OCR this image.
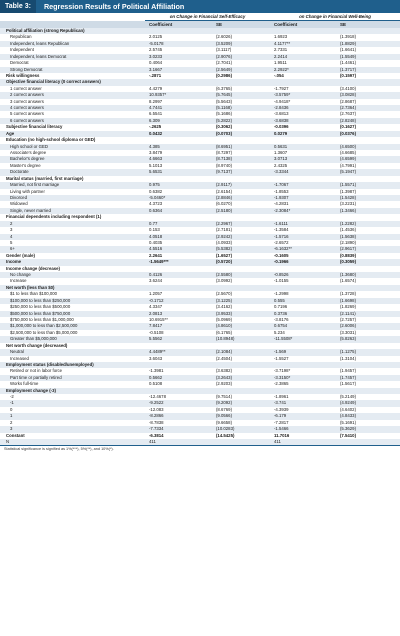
Table 3:	Regression Results of Political Affiliation
	on Change in Financial Self-Efficacy		on Change in Financial Well-Being	
	Coefficient	SE	Coefficient	SE
Political affiliation (strong Republican)				
Republican	2.0125	(2.6026)	1.6923	(1.3918)
Independent, leans Republican	-5.0178	(3.5209)	4.1177**	(1.8829)
Independent	2.5745	(3.1117)	2.7331	(1.6641)
Independent, leans Democrat	3.0233	(2.9076)	2.2414	(1.5549)
Democrat	0.4064	(2.7041)	1.9511	(1.4461)
Strong Democrat	3.1667	(2.5649)	2.2922*	(1.3717)
Risk willingness	-.2871	(0.2986)	-.054	(0.1597)
Objective financial literacy (0 correct answers)				
1 correct answer	4.4279	(6.3765)	-1.7927	(3.4100)
2 correct answers	10.9357*	(5.7645)	-3.5759*	(3.0828)
3 correct answers	8.2997	(5.5643)	-4.9418*	(2.8687)
4 correct answers	4.7441	(5.1168)	-2.8436	(2.7364)
5 correct answers	6.5541	(5.1686)	-3.6813	(2.7637)
6 correct answers	6.309	(5.2822)	-3.6838	(2.8248)
Subjective financial literacy	-.2625	(0.3062)	-0.0396	(0.1627)
Age	0.0432	(0.0703)	0.0279	(0.0376)
Education (no high-school diploma or GED)				
High school or GED	4.385	(8.6951)	0.5631	(4.6500)
Associate's degree	3.8479	(8.7297)	1.3607	(4.6685)
Bachelor's degree	4.6663	(8.7138)	3.0713	(4.6599)
Master's degree	5.1013	(8.9740)	2.4325	(4.7991)
Doctorate	5.6531	(9.7137)	-3.3344	(5.1947)
Marital status (married, first marriage)				
Married, not first marriage	0.975	(2.9117)	-1.7067	(1.5571)
Living with partner	0.6382	(2.6154)	-1.8553	(1.3987)
Divorced	-5.0460*	(2.8846)	-1.9307	(1.5428)
Widowed	4.3723	(6.0270)	-4.2831	(3.2231)
Single, never married	0.6364	(2.5180)	-2.3084*	(1.3466)
Financial dependents including respondent (1)				
2	0.77	(2.2967)	-1.6111	(1.2282)
3	0.153	(2.7181)	-1.3584	(1.4536)
4	4.0518	(2.9242)	-1.5716	(1.5638)
5	0.4035	(4.0933)	-2.6572	(2.1890)
6+	4.5516	(5.5382)	-6.1632**	(2.9617)
Gender (male)	2.2641	(1.6527)	-0.1605	(0.8839)
Income	-1.5649***	(0.5720)	-0.1966	(0.3059)
Income change (decrease)				
No change	0.4126	(2.5580)	-0.8526	(1.3680)
Increase	3.6244	(3.0992)	-1.0155	(1.6574)
Net worth (less than $0)				
$1 to less than $100,000	1.2057	(2.5670)	-1.2998	(1.3728)
$100,000 to less than $250,000	-0.1712	(3.1225)	0.555	(1.6698)
$250,000 to less than $500,000	4.3347	(3.4162)	0.7196	(1.8269)
$500,000 to less than $750,000	2.0813	(3.9533)	0.3736	(2.1141)
$750,000 to less than $1,000,000	10.6915**	(5.0969)	-3.8176	(2.7257)
$1,000,000 to less than $2,500,000	7.8417	(4.8610)	0.6754	(2.6006)
$2,500,000 to less than $5,000,000	-0.5108	(6.1765)	5.234	(3.3031)
Greater than $5,000,000	5.5562	(10.8948)	-11.5508*	(5.8263)
Net worth change (decreased)				
Neutral	4.4489**	(2.1084)	-1.569	(1.1275)
Increased	3.6043	(2.4504)	-1.5527	(1.3104)
Employment status (disabled/unemployed)				
Retired or not in labor force	-1.3981	(3.6382)	-3.7198*	(1.9457)
Part time or partially retired	0.5662	(3.2643)	-3.3150*	(1.7457)
Works full-time	0.5108	(2.9203)	-2.3865	(1.5617)
Employment change (-3)				
-2	-12.4678	(9.7514)	-1.8961	(5.2149)
-1	-9.2522	(9.2092)	-3.741	(4.9249)
0	-12.083	(8.6769)	-4.3939	(4.6402)
1	-8.2866	(9.0566)	-6.179	(4.8433)
2	-8.7838	(9.6658)	-7.2817	(5.1691)
3	-7.7334	(10.0283)	-1.5466	(5.3629)
Constant	-6.3814	(14.5425)	11.7016	(7.5410)
N	411		411	
Statistical significance is signified as 1%(***), 5%(**), and 10%(*).
